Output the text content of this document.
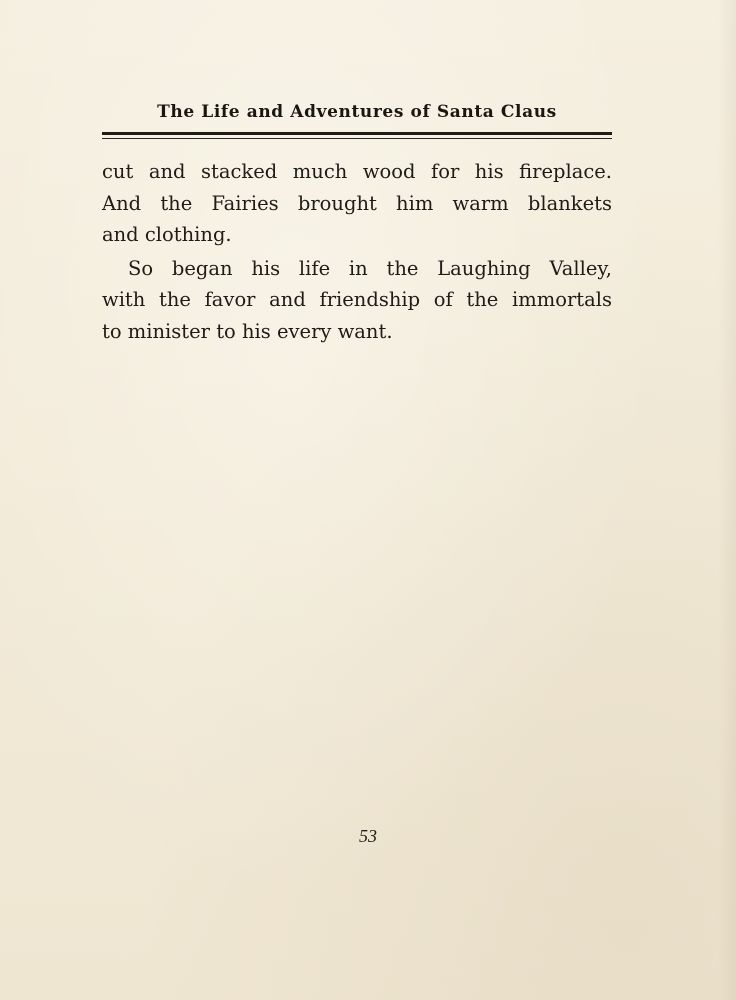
The Life and Adventures of Santa Claus
cut and stacked much wood for his fireplace.
And the Fairies brought him warm blankets
and clothing.
So began his life in the Laughing Valley,
with the favor and friendship of the immortals
to minister to his every want.
53
